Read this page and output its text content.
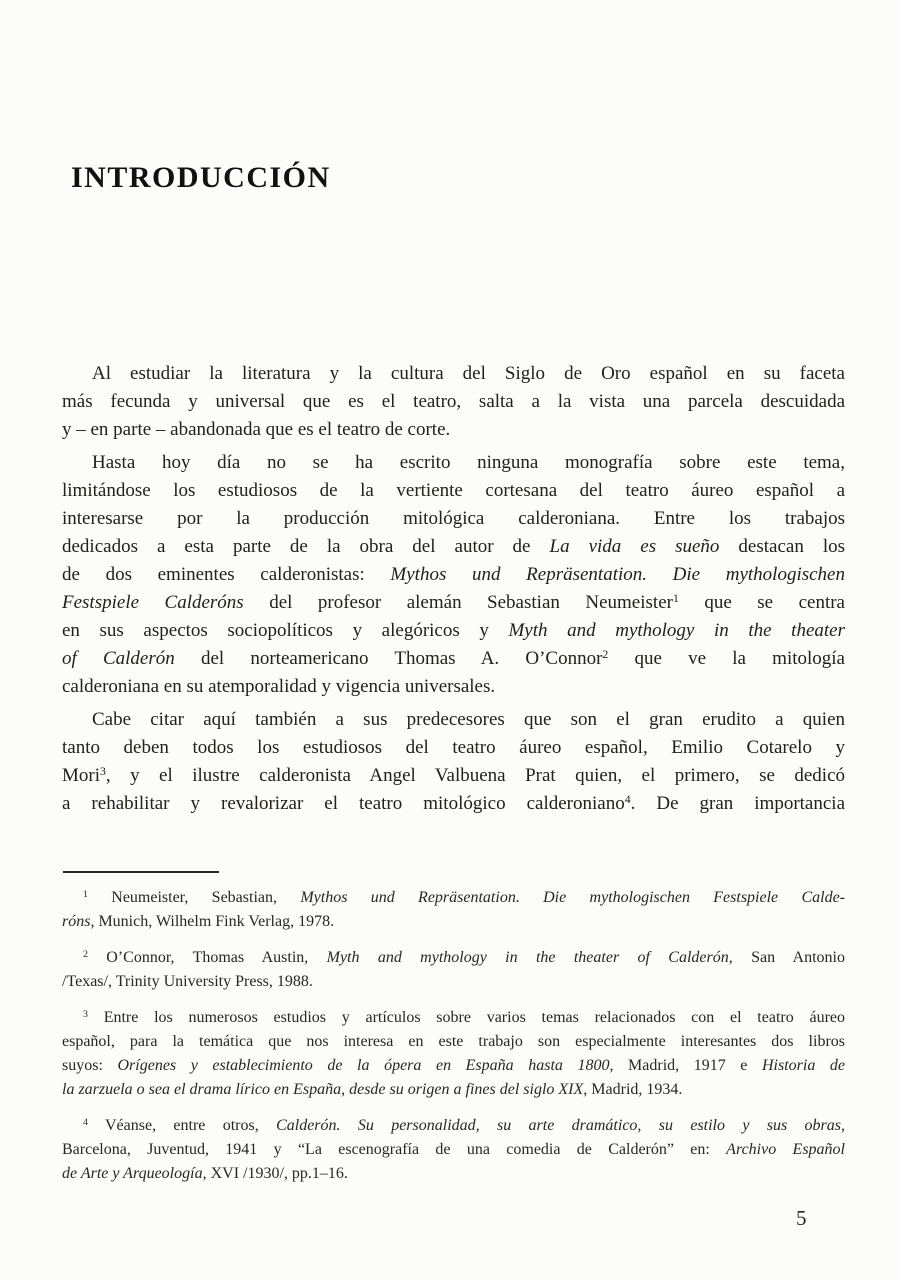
INTRODUCCIÓN
Al estudiar la literatura y la cultura del Siglo de Oro español en su faceta
más fecunda y universal que es el teatro, salta a la vista una parcela descuidada
y – en parte – abandonada que es el teatro de corte.
Hasta hoy día no se ha escrito ninguna monografía sobre este tema,
limitándose los estudiosos de la vertiente cortesana del teatro áureo español a
interesarse por la producción mitológica calderoniana. Entre los trabajos
dedicados a esta parte de la obra del autor de La vida es sueño destacan los
de dos eminentes calderonistas: Mythos und Repräsentation. Die mythologischen
Festspiele Calderóns del profesor alemán Sebastian Neumeister$^1$ que se centra
en sus aspectos sociopolíticos y alegóricos y Myth and mythology in the theater
of Calderón del norteamericano Thomas A. O’Connor$^2$ que ve la mitología
calderoniana en su atemporalidad y vigencia universales.
Cabe citar aquí también a sus predecesores que son el gran erudito a quien
tanto deben todos los estudiosos del teatro áureo español, Emilio Cotarelo y
Mori$^3$, y el ilustre calderonista Angel Valbuena Prat quien, el primero, se dedicó
a rehabilitar y revalorizar el teatro mitológico calderoniano$^4$. De gran importancia
$^1$ Neumeister, Sebastian, Mythos und Repräsentation. Die mythologischen Festspiele Calde-
róns, Munich, Wilhelm Fink Verlag, 1978.
$^2$ O’Connor, Thomas Austin, Myth and mythology in the theater of Calderón, San Antonio
/Texas/, Trinity University Press, 1988.
$^3$ Entre los numerosos estudios y artículos sobre varios temas relacionados con el teatro áureo
español, para la temática que nos interesa en este trabajo son especialmente interesantes dos libros
suyos: Orígenes y establecimiento de la ópera en España hasta 1800, Madrid, 1917 e Historia de
la zarzuela o sea el drama lírico en España, desde su origen a fines del siglo XIX, Madrid, 1934.
$^4$ Véanse, entre otros, Calderón. Su personalidad, su arte dramático, su estilo y sus obras,
Barcelona, Juventud, 1941 y “La escenografía de una comedia de Calderón” en: Archivo Español
de Arte y Arqueología, XVI /1930/, pp.1–16.
5
